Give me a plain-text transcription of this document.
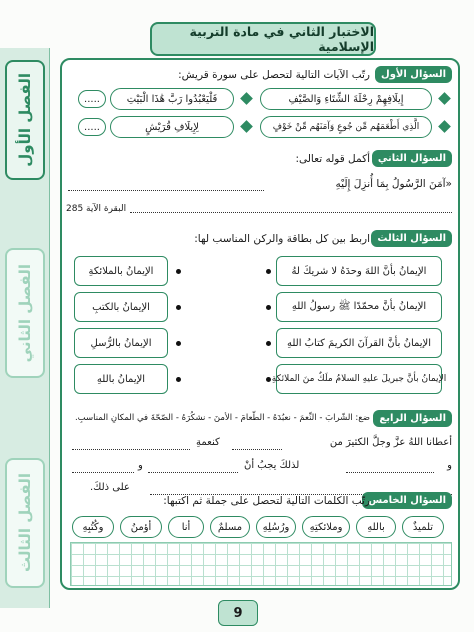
الفصل الأول
الفصل الثاني
الفصل الثالث
الاختبار الثاني في مادة التربية الإسلامية
السؤال الأول
رتّب الآيات التالية لتحصل على سورة قريش:
إِيلَافِهِمْ رِحْلَةَ الشِّتَاءِ وَالصَّيْفِ
فَلْيَعْبُدُوا رَبَّ هَٰذَا الْبَيْتِ
.....
الَّذِي أَطْعَمَهُم مِّن جُوعٍ وَآمَنَهُم مِّنْ خَوْفٍ
لِإِيلَافِ قُرَيْشٍ
.....
السؤال الثاني
أكمل قوله تعالى:
«آمَنَ الرَّسُولُ بِمَا أُنزِلَ إِلَيْهِ
البقرة الآية 285
السؤال الثالث
اربط بين كل بطاقة والركن المناسب لها:
الإيمانُ بأنَّ اللهَ وحدَهُ لا شريكَ لهُ
الإيمانُ بالملائكةِ
الإيمانُ بأنَّ محمّدًا ﷺ رسولُ اللهِ
الإيمانُ بالكتبِ
الإيمانُ بأنَّ القرآنَ الكريمَ كتابُ اللهِ
الإيمانُ بالرُّسلِ
الإيمانُ بأنَّ جبريلَ عليهِ السلامُ ملَكٌ منَ الملائكةِ
الإيمانُ باللهِ
السؤال الرابع
ضع: الشّرابَ - النِّعمَ - نعبُدَهُ - الطّعامَ - الأمنَ - نشكُرَهُ - الصّحّةَ في المكانِ المناسبِ.
أعطانا اللهُ عزَّ وجلَّ الكثيرَ من
كنعمةِ
و
لذلكَ يجبُ أنْ
و
على ذلكَ.
السؤال الخامس
رتّب الكلمات التالية لتحصل على جملة ثم اكتبها:
تلميذٌ
باللهِ
وملائكتِهِ
ورُسُلِهِ
مسلمٌ
أنا
أؤمنُ
وكُتُبِهِ
9
